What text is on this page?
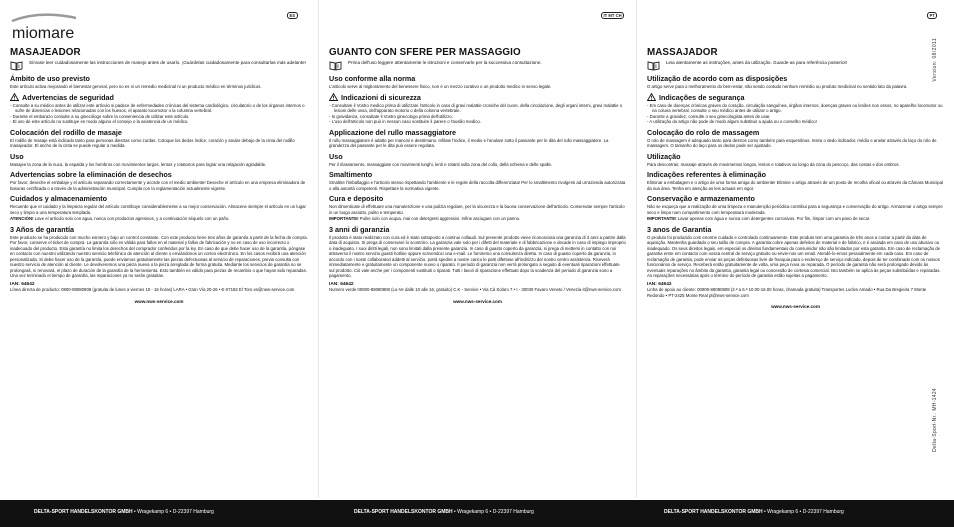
miomare
ES
MASAJEADOR
i

Sírvase leer cuidadosamente las instrucciones de manejo antes de usarlo. ¡Guárdelas cuidadosamente para consultarlas más adelante!

Ámbito de uso previsto

Este artículo activa mejorando el bienestar general, pero no es ni un remedio medicinal ni un producto médico en términos jurídicos.

Advertencias de seguridad
- Consulte a su médico antes de utilizar este artículo si padece de enfermedades crónicas del sistema cardiológico, circulatorio o de los órganos internos o sufre de dolencias o lesiones relacionadas con los huesos, el aparato locomotor o la columna vertebral.
- Durante el embarazo consulte a su ginecólogo sobre la conveniencia de utilizar este artículo.
- El uso de este artículo no sustituye en modo alguno el consejo o la asistencia de un médico.
Colocación del rodillo de masaje

El rodillo de masaje está indicado tanto para personas diestras como zurdas. Coloque los dedos índice, corazón y anular debajo de la cinta del rodillo masajeador. El ancho de la cinta se puede regular a medida.

Uso

Masajee la zona de la nuca, la espalda y los hombros con movimientos largos, lentos y rotatorios para lograr una relajación agradable.

Advertencias sobre la eliminación de desechos

Por favor, deseche el embalaje y el artículo separando correctamente y acorde con el medio ambiente! Deseche el artículo en una empresa eliminadora de basuras certificada o a través de la administración municipal. Cumpla con la reglamentación actualmente vigente.

Cuidados y almacenamiento

Recuerde que el cuidado y la limpieza regular del artículo contribuye considerablemente a su mejor conservación. Almacene siempre el artículo en un lugar seco y limpio a una temperatura templada.

ATENCIÓN! Lave el artículo solo con agua, nunca con productos agresivos, y a continuación séquelo con un paño.

3 Años de garantía

Este producto se ha producido con mucho esmero y bajo un control constante. Con este producto tiene tres años de garantía a partir de la fecha de compra. Por favor, conserve el ticket de compra. La garantía sólo es válida para fallos en el material y fallos de fabricación y no en caso de uso incorrecto o inadecuado del producto. Esta garantía no limita los derechos del comprador conferidos por la ley. En caso de que debe hacer uso de la garantía, póngase en contacto con nuestro utilizando nuestro servicio telefónico de atención al cliente o enviándonos un correo electrónico. En los casos recibirá una atención personalizada. Si debe hacer uso de la garantía, puede enviarnos gratuitamente las piezas defectuosas al servicio de reparaciones, previa consulta con nuestro servicio de atención al cliente. Le devolveremos una pieza nueva o la pieza arreglada de forma gratuita. Mediante los servicios de garantía no se prolongará, ni renovará, el plazo de duración de la garantía de la herramienta. Esto también es válido para piezas de recambio o que hayan sido reparadas. Una vez terminado el tiempo de garantía, las reparaciones ya no serán gratuitas.

IAN: 64642

Línea directa de producto: 0800-88080808 (gratuita de lunes a viernes 10 - 16 horas) LARA • Gran Vía 20-26 • E-07182 El Toro es@nws-service.com

www.nws-service.com

IT MT CH
GUANTO CON SFERE PER MASSAGGIO
i

Prima dell'uso leggere attentamente le istruzioni e conservarle per la successiva consultazione.

Uso conforme alla norma

L'articolo serve al miglioramento del benessere fisico, non è un mezzo curativo o un prodotto medico in senso legale.

Indicazioni di sicurezza
- Consultare il Vostro medico prima di utilizzare l'articolo in caso di gravi malattie croniche del cuore, della circolazione, degli organi interni, gravi malattie o lesioni delle ossa, dell'apparato motorio o della colonna vertebrale.
- In gravidanza, consultate il Vostro ginecologo prima dell'utilizzo.
- L'uso dell'articolo non può in nessun caso sostituire il parere o l'ausilio medico.
Applicazione del rullo massaggiatore

Il rullo massaggiatore è adatto per mancini e destrimano. Infilate l'indice, il medio e l'anulare sotto il passante per le dita del rullo massaggiatore. La grandezza del passante per le dita può essere regolata.

Uso

Per il rilassamento, massaggiate con movimenti lunghi, lenti e rotanti sulla zona del collo, della schiena e delle spalle.

Smaltimento

Smaltire l'imballaggio e l'articolo stesso rispettando l'ambiente e le regole della raccolta differenziata! Per lo smaltimento rivolgersi ad un'azienda autorizzata o alla autorità competenti. Rispettare la normativa vigente.

Cura e deposito

Non dimenticate di effettuare una manutenzione e una pulizia regolare, per la sicurezza e la buona conservazione dell'articolo. Conservate sempre l'articolo in un luogo asciutto, pulito e temperato.

IMPORTANTE! Pulire solo con acqua, mai con detergenti aggressivi. Infine asciugare con un panno.

3 anni di garanzia

Il prodotto è stato realizzato con cura ed è stato sottoposto a continui collaudi. Sul presente prodotto viene riconosciuta una garanzia di 3 anni a partire dalla data di acquisto. Si prega di conservare lo scontrino. La garanzia vale solo per i difetti del materiale e di fabbricazione e decade in caso di impiego improprio o inadeguato. I suoi diritti legali, non sono limitati dalla presente garanzia. In caso di guasto coperto da garanzia, si prega di mettersi in contatto con noi attraverso il nostro servizio guasti hotline oppure scrivendoci una e-mail. Le forniremo una consulenza diretta. In caso di guasto coperto da garanzia, in accordo con i nostri collaboratori addetti al servizio, potrà spedire a nostre carico le parti difettose all'indirizzo del nostro centro assistenza. Riceverà immediatamente e gratuitamente un componente nuovo o riparato. Il periodo di garanzia non verrà prolungato a seguito di eventuali riparazioni effettuate sul prodotto. Ciò vale anche per i componenti sostituiti o riparati. Tutti i lavori di riparazione effettuati dopo la scadenza del periodo di garanzia sono a pagamento.

IAN: 64642

Numero verde 00800-88080808 (Lu-Ve dalle 10 alle 16, gratuito) C.K - Service • Via Cà Solaro 7 • I - 30030 Favaro Veneto / Venezia it@nws-service.com

www.nws-service.com

PT
MASSAJADOR
i

Leia atentamente as instruções, antes da utilização. Guarde-as para referência posterior!

Utilização de acordo com as disposições

O artigo serve para o melhoramento do bem-estar, não sendo contudo nenhum remédio ou produto medicinal no sentido lato da palavra.

Indicações de segurança
- Em caso de doenças crónicas graves do coração, circulação sanguínea, órgãos internos, doenças graves ou lesões nos ossos, no aparelho locomotor ou na coluna vertebral, consulte o seu médico antes de utilizar o artigo.
- Durante a gravidez, consulte o seu ginecologista antes de usar.
- A utilização do artigo não pode de modo algum substituir a ajuda ou o conselho médico!
Colocação do rolo de massagem

O rolo de massagem é adequado tanto para destros como também para esquerdinos. Insira o dedo indicador, médio e anelar através do laço do rolo de massagem. O tamanho do laço para os dedos pode ser ajustado.

Utilização

Para descontrair, massaje através de movimentos longos, lentos e rotativos ao longo da zona do pescoço, das costas e dos ombros.

Indicações referentes à eliminação

Eliminar a embalagem e o artigo de uma forma amiga do ambiente! Elimine o artigo através de um posto de recolha oficial ou através da Câmara Municipal da sua área. Tenha em atenção as leis actuais em vigor.

Conservação e armazenamento

Não se esqueça que a realização de uma limpeza e manutenção periódica contribui para a segurança e conservação do artigo. Armazenar o artigo sempre seco e limpo num compartimento com temperatura moderada.

IMPORTANTE! Lavar apenas com água e nunca com detergentes corrosivos. Por fim, limpar com um pano de secar.

3 anos de Garantia

O produto foi produzido com enorme cuidado e controlado continuamente. Este produto tem uma garantia de três anos a contar a partir da data de aquisição. Mantenha guardado o seu talão de compra. A garantia cobre apenas defeitos de material e de fabrico, e é anulada em caso de uso abusivo ou inadequado. Os seus direitos legais, em especial os direitos fundamentais do consumidor não são limitados por esta garantia. Em caso de reclamação de garantia entre em contacto com nossa central de serviço gratuito ou envie-nos um email. Atendê-lo-emos pessoalmente em cada caso. Em caso de reclamação de garantia, pode enviar as peças defeituosas livre de franquia para o endereço de serviço indicado, depois de ter combinado com os nossos funcionários de serviço. Receberá então gratuitamente de volta, uma peça nova ou reparada. O período de garantia não será prolongado devido às eventuais reparações no âmbito da garantia, garantia legal ou concessão de cortesia comercial. Isto também se aplica às peças substituídas e reparadas. As reparações necessárias após o término do período de garantia estão sujeitas a pagamento.

IAN: 64642

Linha de apoio ao cliente: 00800-88080808 (2.ª a 6.ª 10.00-16.00 horas, chamada gratuita) Transportes Lucles Amado • Rua Da Bregieira 7 Monte Redondo • PT-2425 Monte Real pt@nws-service.com

www.nws-service.com

Version: 08/2011
Delta-Sport-Nr.: MH-1424
DELTA-SPORT HANDELSKONTOR GMBH • Wragekamp 6 • D-22397 Hamburg	DELTA-SPORT HANDELSKONTOR GMBH • Wragekamp 6 • D-22397 Hamburg	DELTA-SPORT HANDELSKONTOR GMBH • Wragekamp 6 • D-22397 Hamburg
